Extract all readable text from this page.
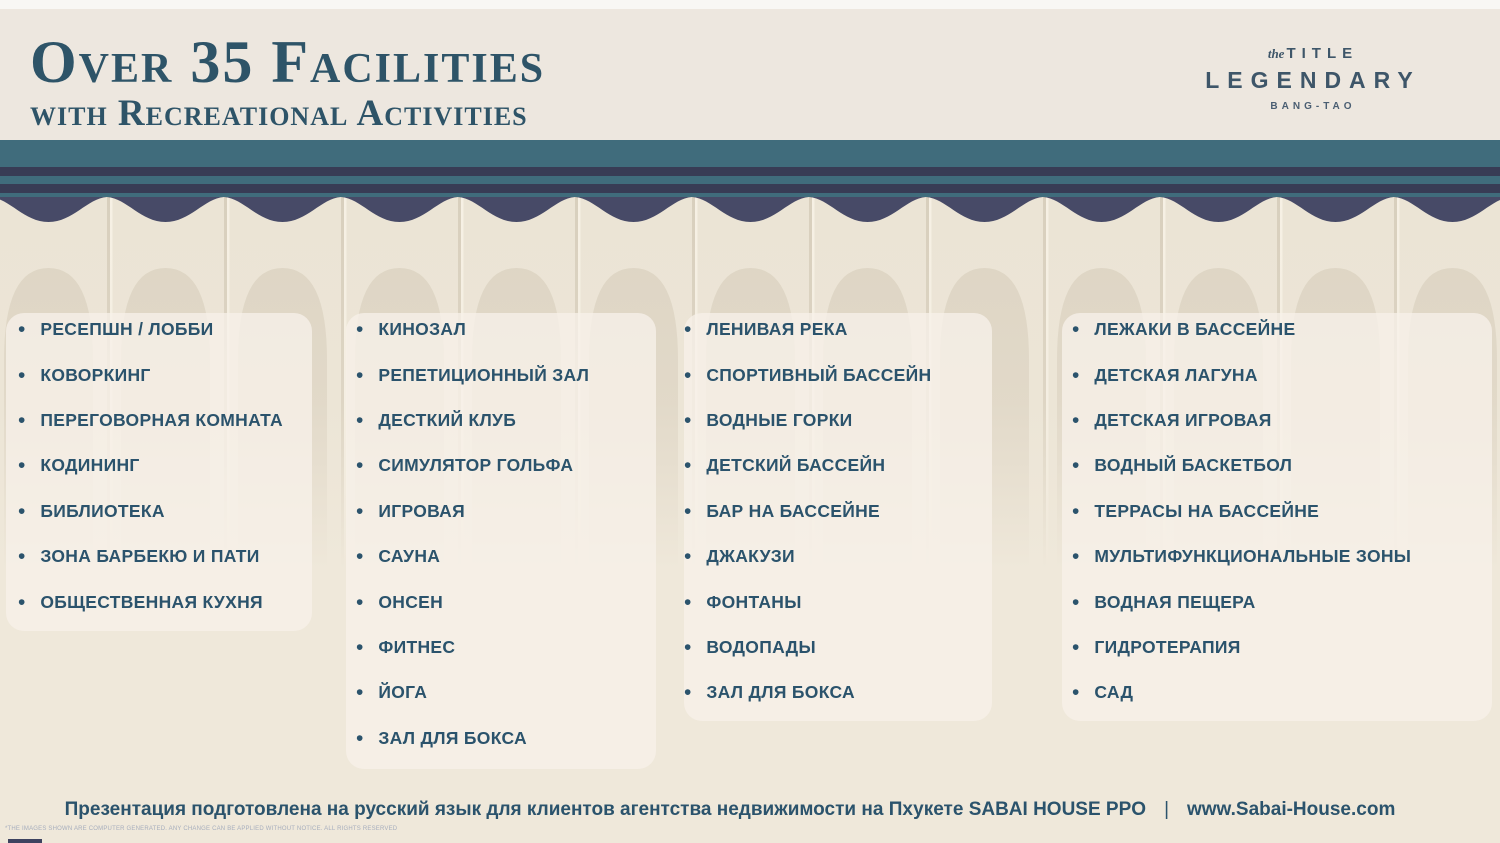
Over 35 Facilities
with Recreational Activities
the TITLE
LEGENDARY
BANG-TAO
• РЕСЕПШН / ЛОББИ
• КОВОРКИНГ
• ПЕРЕГОВОРНАЯ КОМНАТА
• КОДИНИНГ
• БИБЛИОТЕКА
• ЗОНА БАРБЕКЮ И ПАТИ
• ОБЩЕСТВЕННАЯ КУХНЯ
• КИНОЗАЛ
• РЕПЕТИЦИОННЫЙ ЗАЛ
• ДЕСТКИЙ КЛУБ
• СИМУЛЯТОР ГОЛЬФА
• ИГРОВАЯ
• САУНА
• ОНСЕН
• ФИТНЕС
• ЙОГА
• ЗАЛ ДЛЯ БОКСА
• ЛЕНИВАЯ РЕКА
• СПОРТИВНЫЙ БАССЕЙН
• ВОДНЫЕ ГОРКИ
• ДЕТСКИЙ БАССЕЙН
• БАР НА БАССЕЙНЕ
• ДЖАКУЗИ
• ФОНТАНЫ
• ВОДОПАДЫ
• ЗАЛ ДЛЯ БОКСА
• ЛЕЖАКИ В БАССЕЙНЕ
• ДЕТСКАЯ ЛАГУНА
• ДЕТСКАЯ ИГРОВАЯ
• ВОДНЫЙ БАСКЕТБОЛ
• ТЕРРАСЫ НА БАССЕЙНЕ
• МУЛЬТИФУНКЦИОНАЛЬНЫЕ ЗОНЫ
• ВОДНАЯ ПЕЩЕРА
• ГИДРОТЕРАПИЯ
• САД
Презентация подготовлена на русский язык для клиентов агентства недвижимости на Пхукете SABAI HOUSE PPO | www.Sabai-House.com
*THE IMAGES SHOWN ARE COMPUTER GENERATED. ANY CHANGE CAN BE APPLIED WITHOUT NOTICE. ALL RIGHTS RESERVED
